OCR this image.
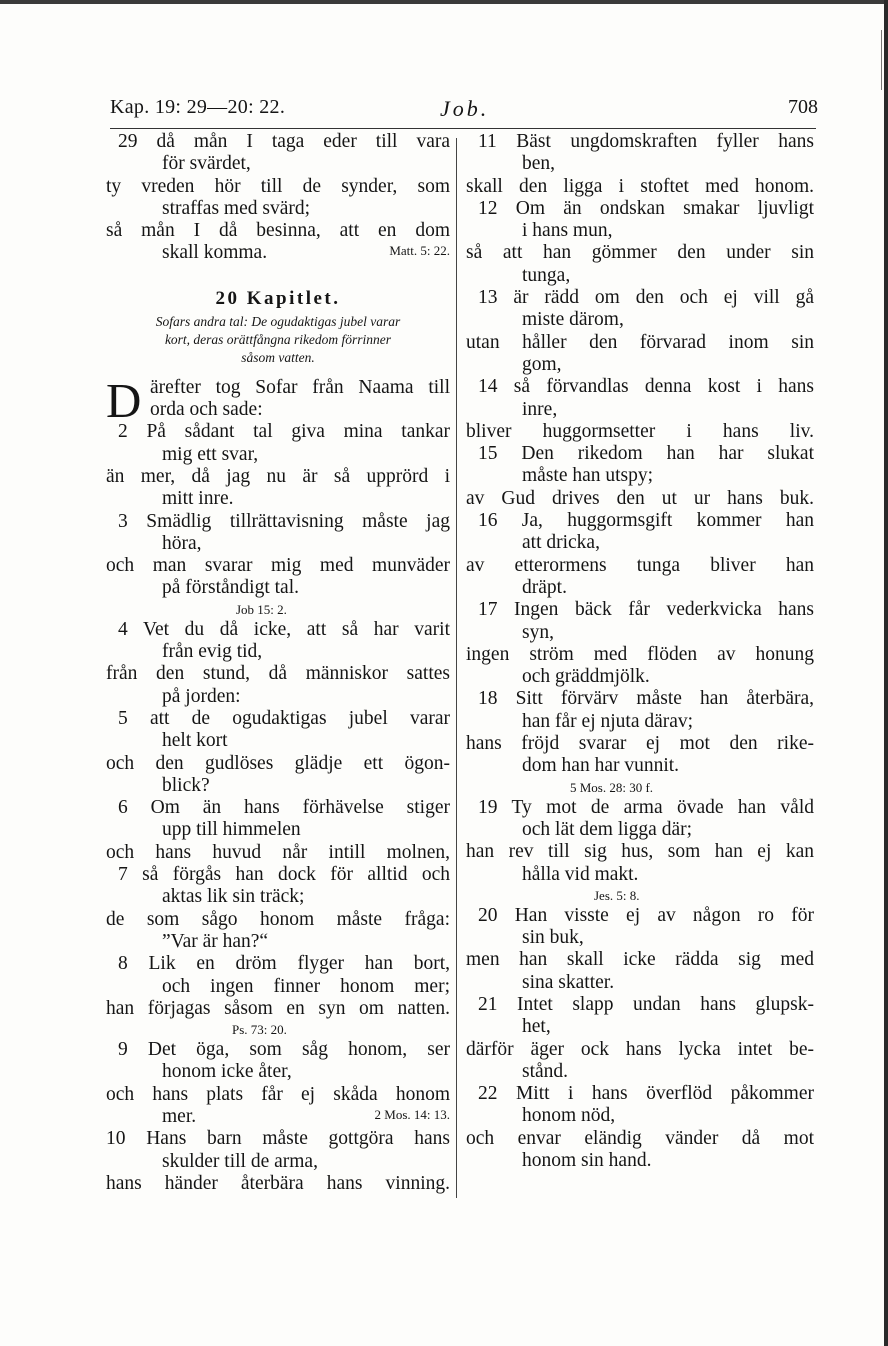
Kap. 19: 29—20: 22.	Job.	708
29 då mån I taga eder till vara
för svärdet,
ty vreden hör till de synder, som
straffas med svärd;
så mån I då besinna, att en dom
skall komma.	Matt. 5: 22.
20 Kapitlet.
Sofars andra tal: De ogudaktigas jubel varar
kort, deras orättfångna rikedom förrinner
såsom vatten.
D ärefter tog Sofar från Naama till
orda och sade:
2 På sådant tal giva mina tankar
mig ett svar,
än mer, då jag nu är så upprörd i
mitt inre.
3 Smädlig tillrättavisning måste jag
höra,
och man svarar mig med munväder
på förståndigt tal.
Job 15: 2.
4 Vet du då icke, att så har varit
från evig tid,
från den stund, då människor sattes
på jorden:
5 att de ogudaktigas jubel varar
helt kort
och den gudlöses glädje ett ögon-
blick?
6 Om än hans förhävelse stiger
upp till himmelen
och hans huvud når intill molnen,
7 så förgås han dock för alltid och
aktas lik sin träck;
de som sågo honom måste fråga:
”Var är han?“
8 Lik en dröm flyger han bort,
och ingen finner honom mer;
han förjagas såsom en syn om natten.
Ps. 73: 20.
9 Det öga, som såg honom, ser
honom icke åter,
och hans plats får ej skåda honom
mer.	2 Mos. 14: 13.
10 Hans barn måste gottgöra hans
skulder till de arma,
hans händer återbära hans vinning.
11 Bäst ungdomskraften fyller hans
ben,
skall den ligga i stoftet med honom.
12 Om än ondskan smakar ljuvligt
i hans mun,
så att han gömmer den under sin
tunga,
13 är rädd om den och ej vill gå
miste därom,
utan håller den förvarad inom sin
gom,
14 så förvandlas denna kost i hans
inre,
bliver huggormsetter i hans liv.
15 Den rikedom han har slukat
måste han utspy;
av Gud drives den ut ur hans buk.
16 Ja, huggormsgift kommer han
att dricka,
av etterormens tunga bliver han
dräpt.
17 Ingen bäck får vederkvicka hans
syn,
ingen ström med flöden av honung
och gräddmjölk.
18 Sitt förvärv måste han återbära,
han får ej njuta därav;
hans fröjd svarar ej mot den rike-
dom han har vunnit.
5 Mos. 28: 30 f.
19 Ty mot de arma övade han våld
och lät dem ligga där;
han rev till sig hus, som han ej kan
hålla vid makt.
Jes. 5: 8.
20 Han visste ej av någon ro för
sin buk,
men han skall icke rädda sig med
sina skatter.
21 Intet slapp undan hans glupsk-
het,
därför äger ock hans lycka intet be-
stånd.
22 Mitt i hans överflöd påkommer
honom nöd,
och envar eländig vänder då mot
honom sin hand.
